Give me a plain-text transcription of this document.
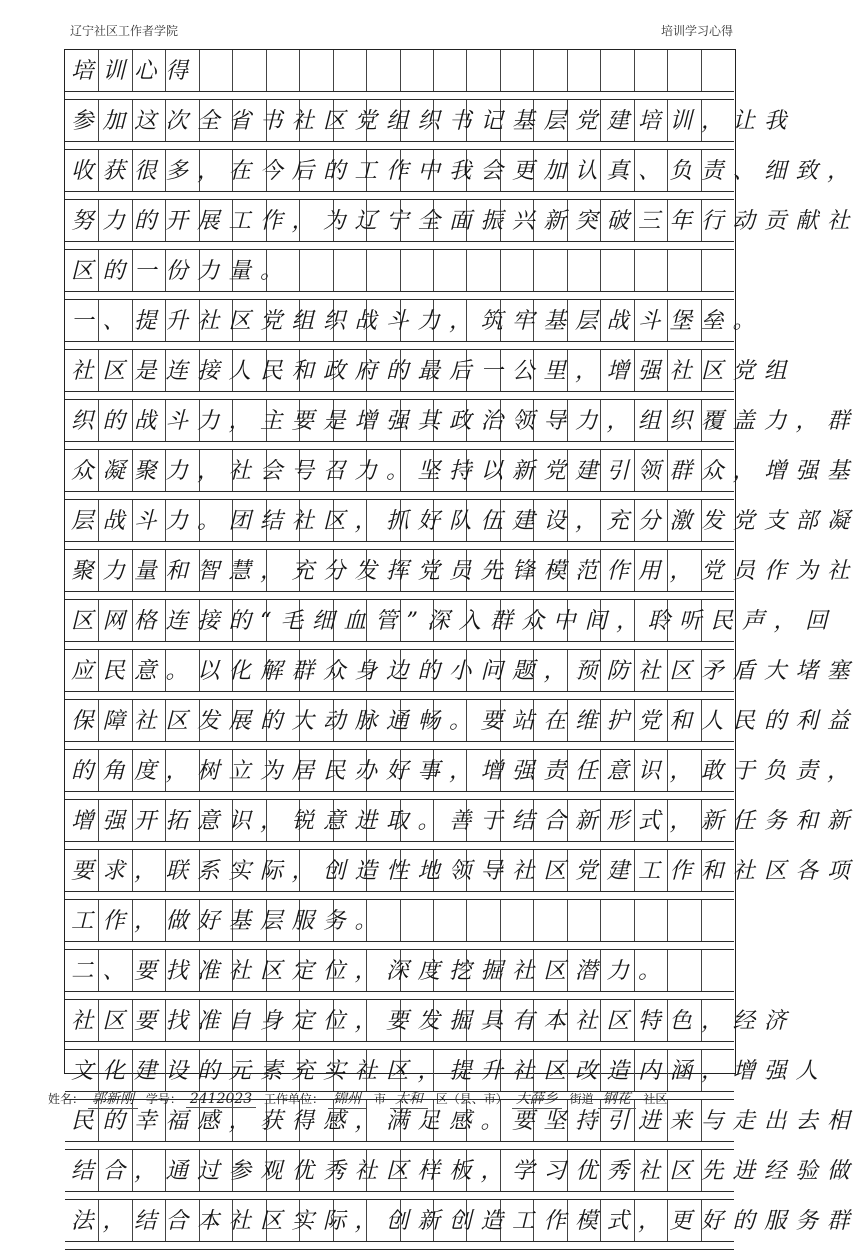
辽宁社区工作者学院	培训学习心得
培训心得
参加这次全省书社区党组织书记基层党建培训，让我
收获很多，在今后的工作中我会更加认真、负责、细致，
努力的开展工作，为辽宁全面振兴新突破三年行动贡献社
区的一份力量。
一、提升社区党组织战斗力，筑牢基层战斗堡垒。
社区是连接人民和政府的最后一公里，增强社区党组
织的战斗力，主要是增强其政治领导力，组织覆盖力，群
众凝聚力，社会号召力。坚持以新党建引领群众，增强基
层战斗力。团结社区，抓好队伍建设，充分激发党支部凝
聚力量和智慧，充分发挥党员先锋模范作用，党员作为社
区网格连接的“毛细血管”深入群众中间，聆听民声，回
应民意。以化解群众身边的小问题，预防社区矛盾大堵塞
保障社区发展的大动脉通畅。要站在维护党和人民的利益
的角度，树立为居民办好事，增强责任意识，敢于负责，
增强开拓意识，锐意进取。善于结合新形式，新任务和新
要求，联系实际，创造性地领导社区党建工作和社区各项
工作，做好基层服务。
二、要找准社区定位，深度挖掘社区潜力。
社区要找准自身定位，要发掘具有本社区特色，经济
文化建设的元素充实社区，提升社区改造内涵，增强人
民的幸福感，获得感，满足感。要坚持引进来与走出去相
结合，通过参观优秀社区样板，学习优秀社区先进经验做
法，结合本社区实际，创新创造工作模式，更好的服务群
姓名： 郭新刚 学号： 2412023 工作单位： 锦州 市 太和 区（县、市） 大薛乡 街道 钢花 社区
